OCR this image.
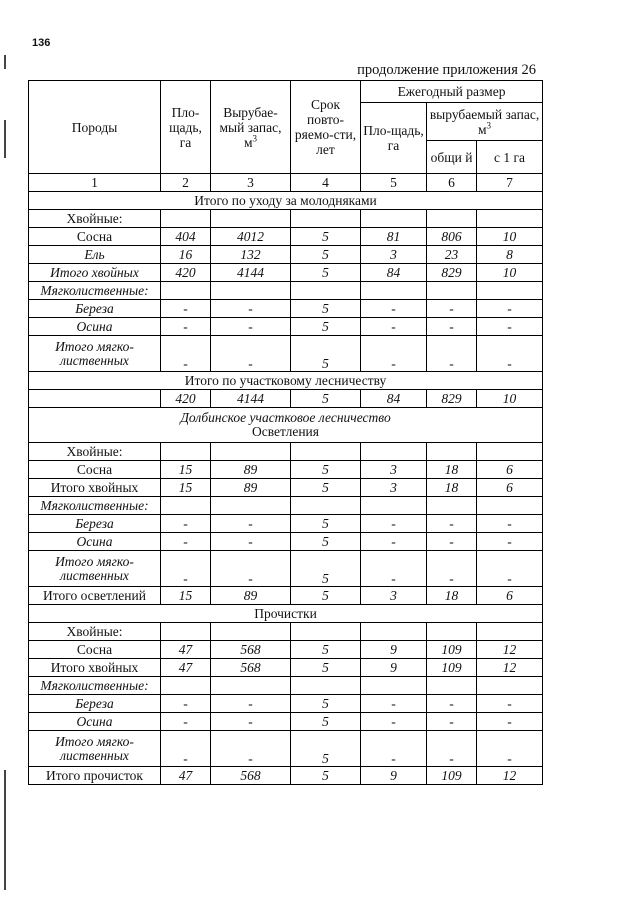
136
продолжение приложения 26
Породы	Пло-щадь, га	Вырубае-мый запас, $м^3$	Срок повто-ряемо-сти, лет	Ежегодный размер		
				Пло-щадь, га	вырубаемый запас, $м^3$
					общи й	с 1 га
1	2	3	4	5	6	7
Итого по уходу за молодняками						
Хвойные:						
Сосна	404	4012	5	81	806	10
Ель	16	132	5	3	23	8
Итого хвойных	420	4144	5	84	829	10
Мягколиственные:						
Береза	-	-	5	-	-	-
Осина	-	-	5	-	-	-

Итого мягко-
лиственных	-	-	5	-	-	-
Итого по участковому лесничеству						
	420	4144	5	84	829	10

Долбинское участковое лесничество
Осветления						

Хвойные:						
Сосна	15	89	5	3	18	6
Итого хвойных	15	89	5	3	18	6
Мягколиственные:						
Береза	-	-	5	-	-	-
Осина	-	-	5	-	-	-

Итого мягко-
лиственных	-	-	5	-	-	-
Итого осветлений	15	89	5	3	18	6
Прочистки						
Хвойные:						
Сосна	47	568	5	9	109	12
Итого хвойных	47	568	5	9	109	12
Мягколиственные:						
Береза	-	-	5	-	-	-
Осина	-	-	5	-	-	-

Итого мягко-
лиственных	-	-	5	-	-	-
Итого прочисток	47	568	5	9	109	12
